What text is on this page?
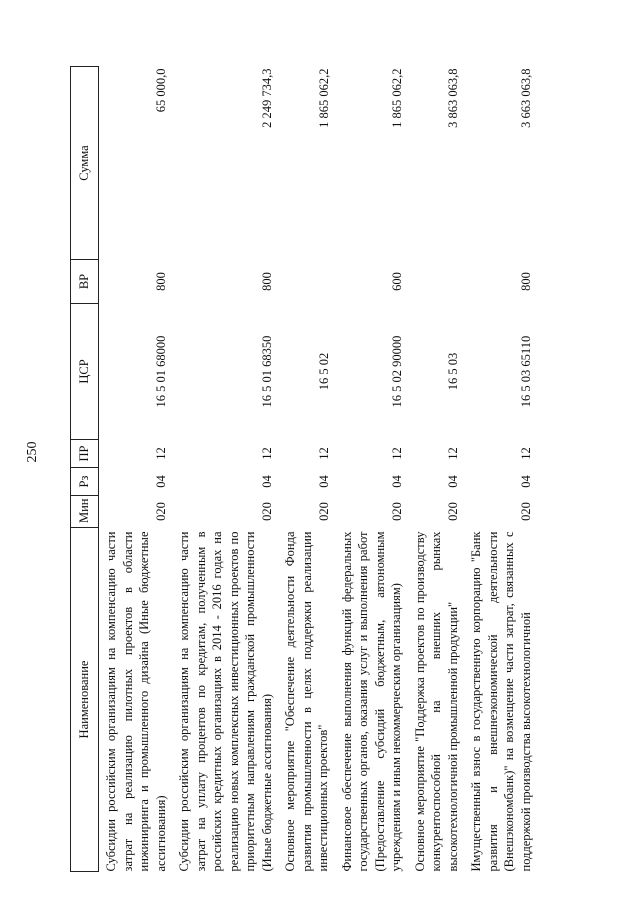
250
Наименование	Мин	Рз	ПР	ЦСР	ВР	Сумма

Субсидии российским организациям на компенсацию части затрат на реализацию пилотных проектов в области инжиниринга и промышленного дизайна (Иные бюджетные ассигнования)	020	04	12	16 5 01 68000	800	65 000,0

Субсидии российским организациям на компенсацию части затрат на уплату процентов по кредитам, полученным в российских кредитных организациях в 2014 - 2016 годах на реализацию новых комплексных инвестиционных проектов по приоритетным направлениям гражданской промышленности (Иные бюджетные ассигнования)	020	04	12	16 5 01 68350	800	2 249 734,3

Основное мероприятие "Обеспечение деятельности Фонда развития промышленности в целях поддержки реализации инвестиционных проектов"	020	04	12	16 5 02		1 865 062,2

Финансовое обеспечение выполнения функций федеральных государственных органов, оказания услуг и выполнения работ (Предоставление субсидий бюджетным, автономным учреждениям и иным некоммерческим организациям)	020	04	12	16 5 02 90000	600	1 865 062,2

Основное мероприятие "Поддержка проектов по производству конкурентоспособной на внешних рынках высокотехнологичной промышленной продукции"	020	04	12	16 5 03		3 863 063,8

Имущественный взнос в государственную корпорацию "Банк развития и внешнеэкономической деятельности (Внешэкономбанк)" на возмещение части затрат, связанных с поддержкой производства высокотехнологичной	020	04	12	16 5 03 65110	800	3 663 063,8
